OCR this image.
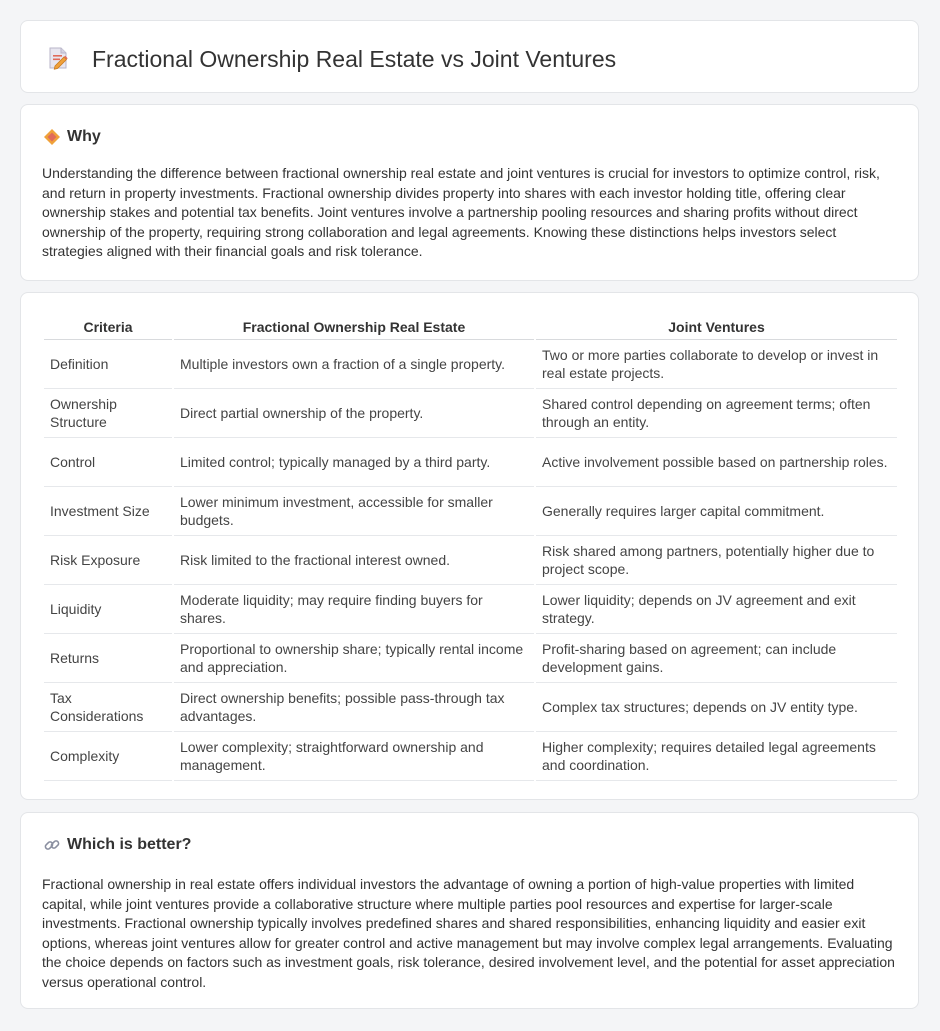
Fractional Ownership Real Estate vs Joint Ventures
Why

Understanding the difference between fractional ownership real estate and joint ventures is crucial for investors to optimize control, risk, and return in property investments. Fractional ownership divides property into shares with each investor holding title, offering clear ownership stakes and potential tax benefits. Joint ventures involve a partnership pooling resources and sharing profits without direct ownership of the property, requiring strong collaboration and legal agreements. Knowing these distinctions helps investors select strategies aligned with their financial goals and risk tolerance.

Criteria	Fractional Ownership Real Estate	Joint Ventures
Definition	Multiple investors own a fraction of a single property.	Two or more parties collaborate to develop or invest in real estate projects.
Ownership Structure	Direct partial ownership of the property.	Shared control depending on agreement terms; often through an entity.
Control	Limited control; typically managed by a third party.	Active involvement possible based on partnership roles.
Investment Size	Lower minimum investment, accessible for smaller budgets.	Generally requires larger capital commitment.
Risk Exposure	Risk limited to the fractional interest owned.	Risk shared among partners, potentially higher due to project scope.
Liquidity	Moderate liquidity; may require finding buyers for shares.	Lower liquidity; depends on JV agreement and exit strategy.
Returns	Proportional to ownership share; typically rental income and appreciation.	Profit-sharing based on agreement; can include development gains.
Tax Considerations	Direct ownership benefits; possible pass-through tax advantages.	Complex tax structures; depends on JV entity type.
Complexity	Lower complexity; straightforward ownership and management.	Higher complexity; requires detailed legal agreements and coordination.
Which is better?

Fractional ownership in real estate offers individual investors the advantage of owning a portion of high-value properties with limited capital, while joint ventures provide a collaborative structure where multiple parties pool resources and expertise for larger-scale investments. Fractional ownership typically involves predefined shares and shared responsibilities, enhancing liquidity and easier exit options, whereas joint ventures allow for greater control and active management but may involve complex legal arrangements. Evaluating the choice depends on factors such as investment goals, risk tolerance, desired involvement level, and the potential for asset appreciation versus operational control.
